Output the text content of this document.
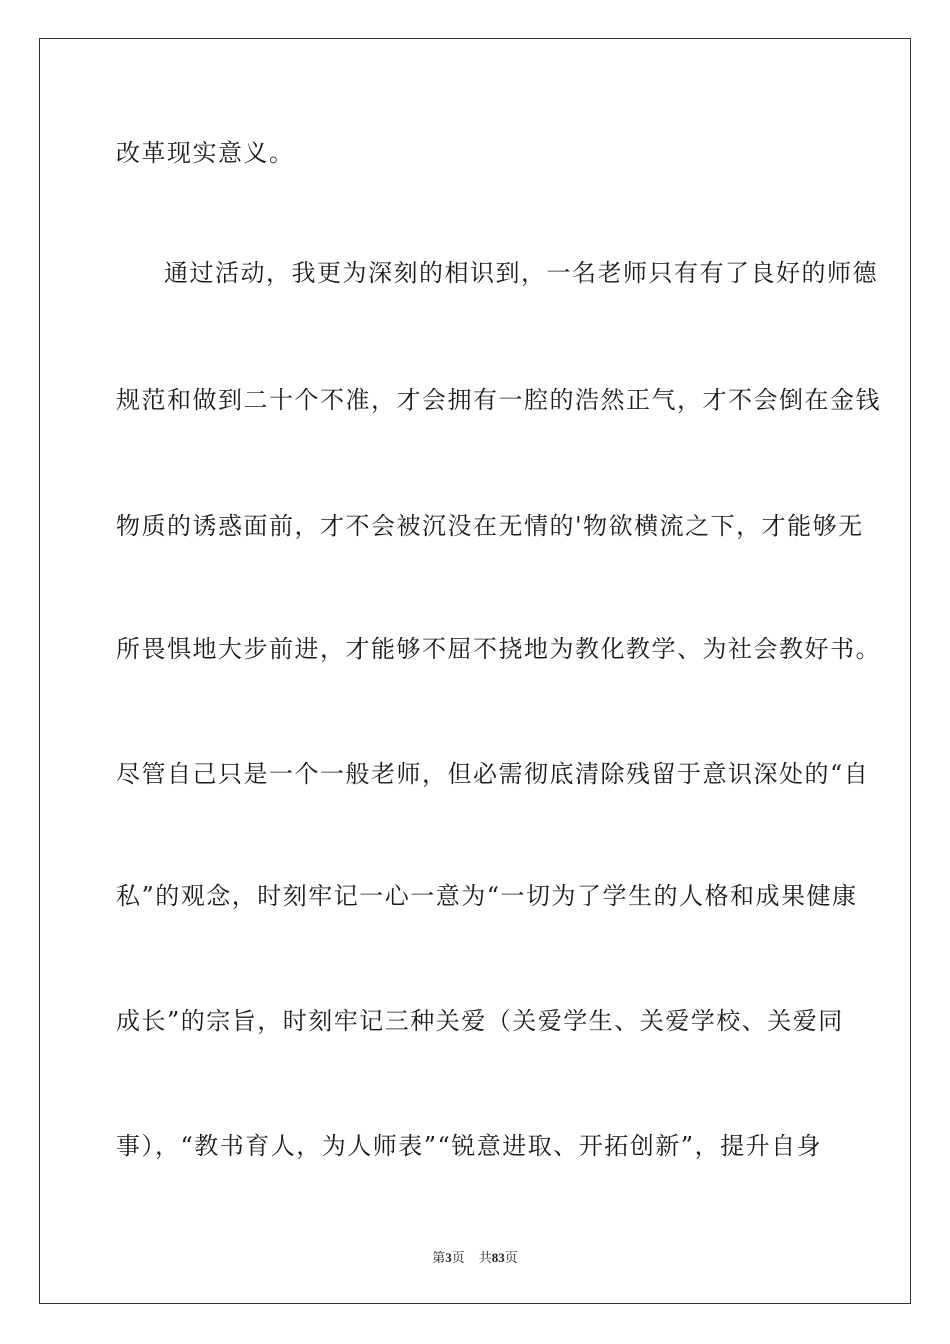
改革现实意义。
通过活动，我更为深刻的相识到，一名老师只有有了良好的师德
规范和做到二十个不准，才会拥有一腔的浩然正气，才不会倒在金钱
物质的诱惑面前，才不会被沉没在无情的'物欲横流之下，才能够无
所畏惧地大步前进，才能够不屈不挠地为教化教学、为社会教好书。
尽管自己只是一个一般老师，但必需彻底清除残留于意识深处的“自
私”的观念，时刻牢记一心一意为“一切为了学生的人格和成果健康
成长”的宗旨，时刻牢记三种关爱（关爱学生、关爱学校、关爱同
事），“教书育人，为人师表”“锐意进取、开拓创新”，提升自身
第3页 共83页
